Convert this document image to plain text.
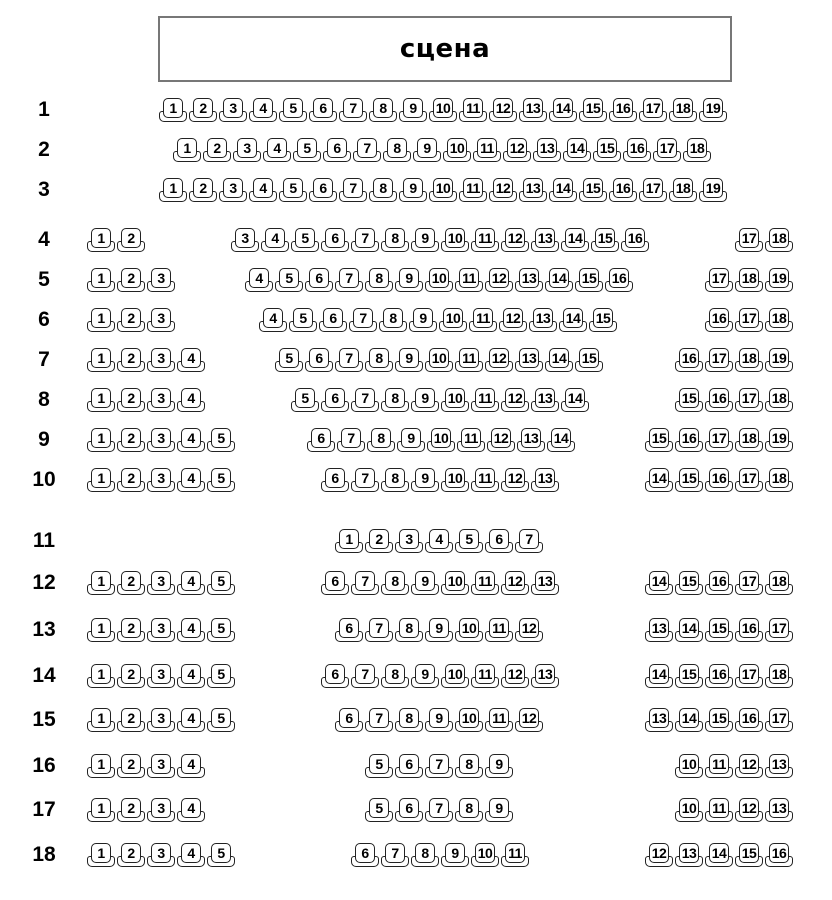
сцена
1	1 2 3 4 5 6 7 8 9 10 11 12 13 14 15 16 17 18 19
2	1 2 3 4 5 6 7 8 9 10 11 12 13 14 15 16 17 18
3	1 2 3 4 5 6 7 8 9 10 11 12 13 14 15 16 17 18 19
4	1 2	3 4 5 6 7 8 9 10 11 12 13 14 15 16	17 18
5	1 2 3	4 5 6 7 8 9 10 11 12 13 14 15 16	17 18 19
6	1 2 3	4 5 6 7 8 9 10 11 12 13 14 15	16 17 18
7	1 2 3 4	5 6 7 8 9 10 11 12 13 14 15	16 17 18 19
8	1 2 3 4	5 6 7 8 9 10 11 12 13 14	15 16 17 18
9	1 2 3 4 5	6 7 8 9 10 11 12 13 14	15 16 17 18 19
10	1 2 3 4 5	6 7 8 9 10 11 12 13	14 15 16 17 18
11	1 2 3 4 5 6 7
12	1 2 3 4 5	6 7 8 9 10 11 12 13	14 15 16 17 18
13	1 2 3 4 5	6 7 8 9 10 11 12	13 14 15 16 17
14	1 2 3 4 5	6 7 8 9 10 11 12 13	14 15 16 17 18
15	1 2 3 4 5	6 7 8 9 10 11 12	13 14 15 16 17
16	1 2 3 4	5 6 7 8 9	10 11 12 13
17	1 2 3 4	5 6 7 8 9	10 11 12 13
18	1 2 3 4 5	6 7 8 9 10 11	12 13 14 15 16
